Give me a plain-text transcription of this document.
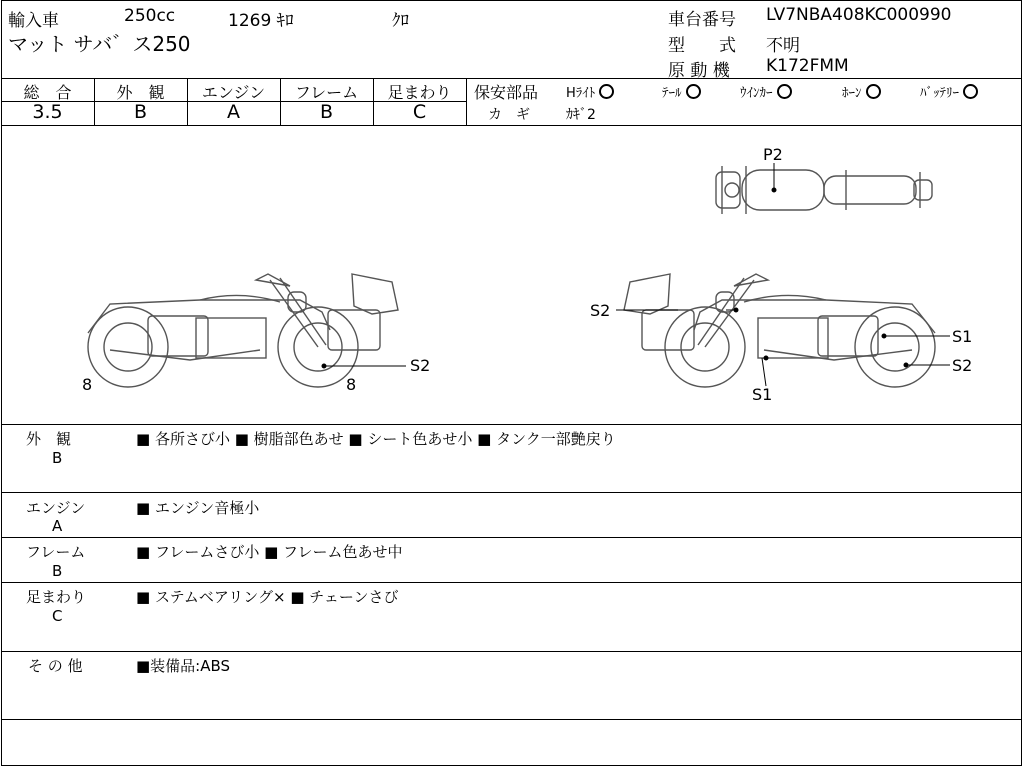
輸入車	250cc	1269 ｷﾛ	ｸﾛ
マット サバ゛ス250
車台番号 LV7NBA408KC000990
型　　式 不明
原 動 機 K172FMM
総　合	外　観	エンジン	フレーム	足まわり
3.5	B	A	B	C
保安部品 Hﾗｲﾄ	ﾃｰﾙ	ｳｲﾝｶｰ	ﾎｰﾝ	ﾊﾞｯﾃﾘｰ
カ　ギ	ｶｷﾞ2
P2
S2
8	8
S2
S1
S2
S1
外　観
B
■ 各所さび小 ■ 樹脂部色あせ ■ シート色あせ小 ■ タンク一部艶戻り
エンジン
A
■ エンジン音極小
フレーム
B
■ フレームさび小 ■ フレーム色あせ中
足まわり
C
■ ステムベアリング× ■ チェーンさび
そ の 他	■装備品:ABS
